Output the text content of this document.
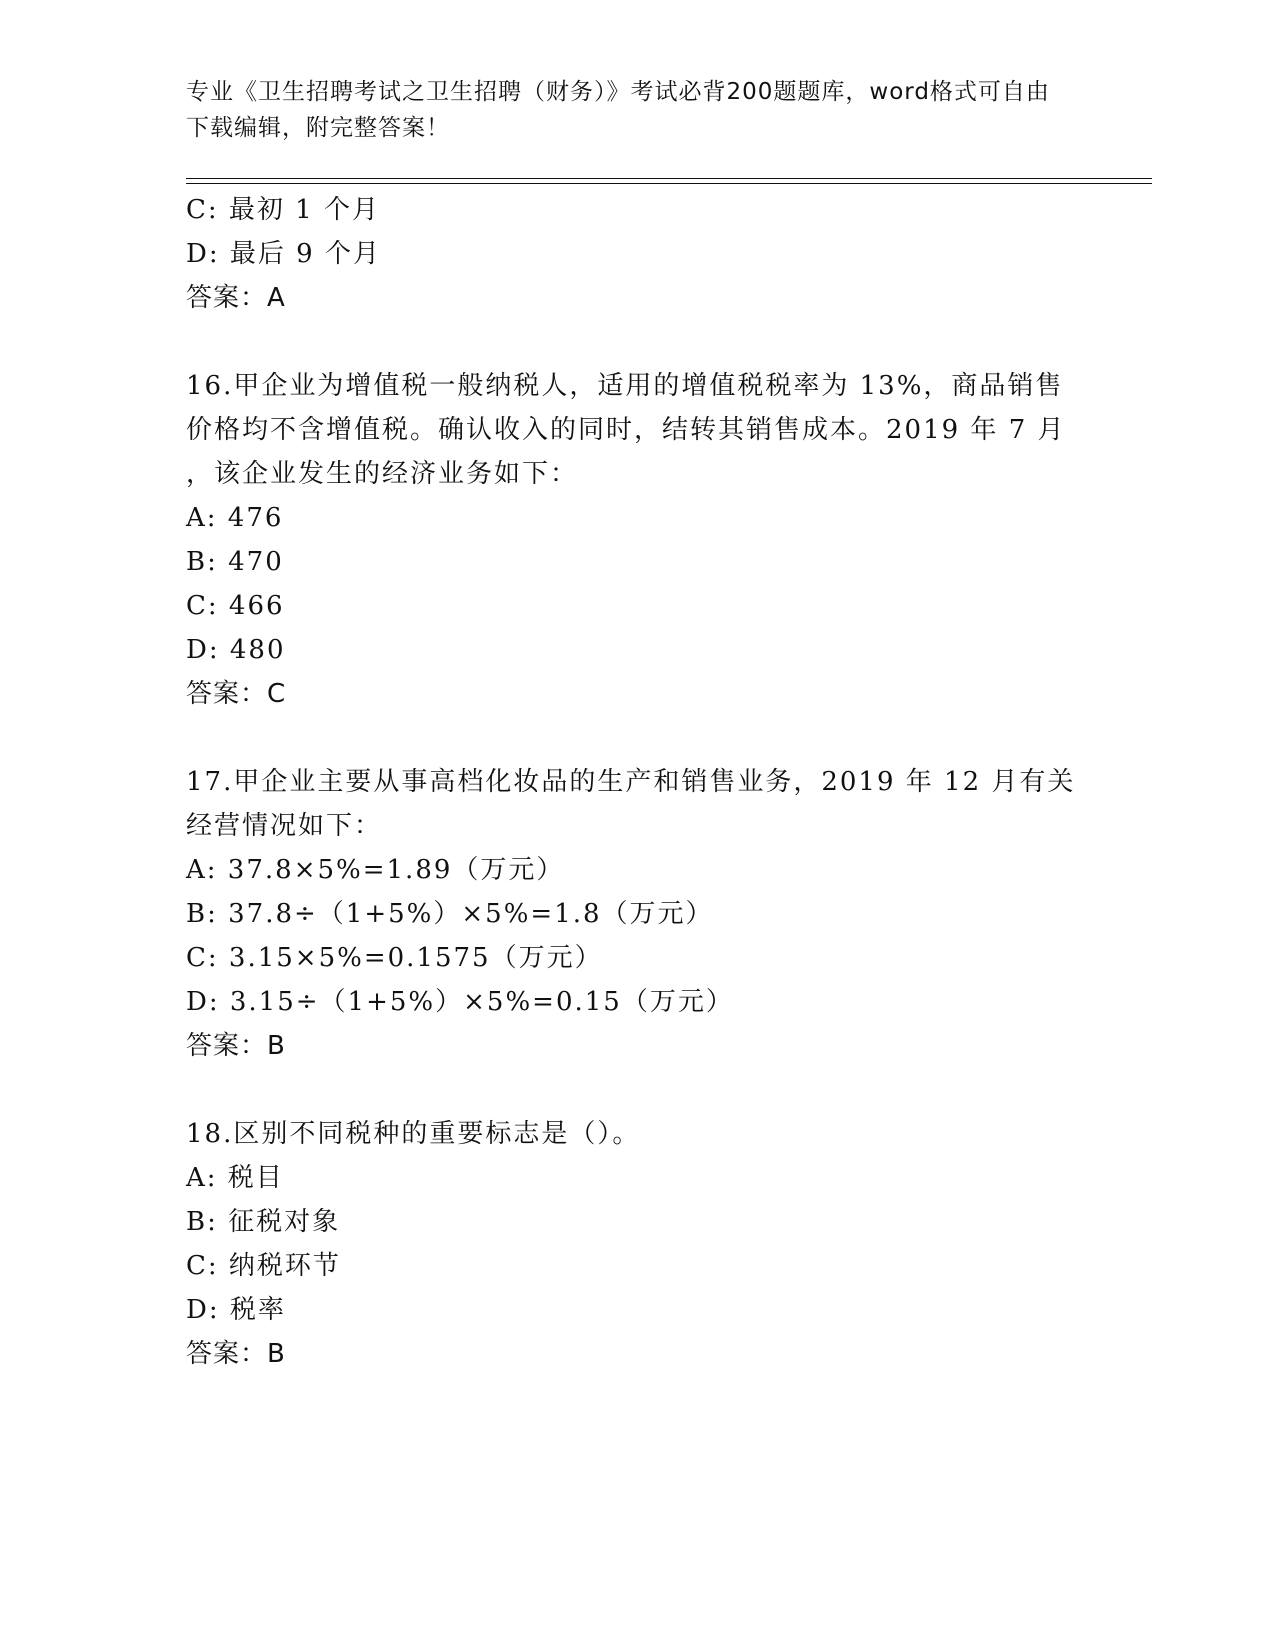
专业《卫生招聘考试之卫生招聘（财务）》考试必背200题题库，word格式可自由下载编辑，附完整答案！
C: 最初 1 个月
D: 最后 9 个月
答案：A
16.甲企业为增值税一般纳税人，适用的增值税税率为 13%，商品销售
价格均不含增值税。确认收入的同时，结转其销售成本。2019 年 7 月
，该企业发生的经济业务如下：
A: 476
B: 470
C: 466
D: 480
答案：C
17.甲企业主要从事高档化妆品的生产和销售业务，2019 年 12 月有关
经营情况如下：
A: 37.8×5%=1.89（万元）
B: 37.8÷（1+5%）×5%=1.8（万元）
C: 3.15×5%=0.1575（万元）
D: 3.15÷（1+5%）×5%=0.15（万元）
答案：B
18.区别不同税种的重要标志是（）。
A: 税目
B: 征税对象
C: 纳税环节
D: 税率
答案：B
